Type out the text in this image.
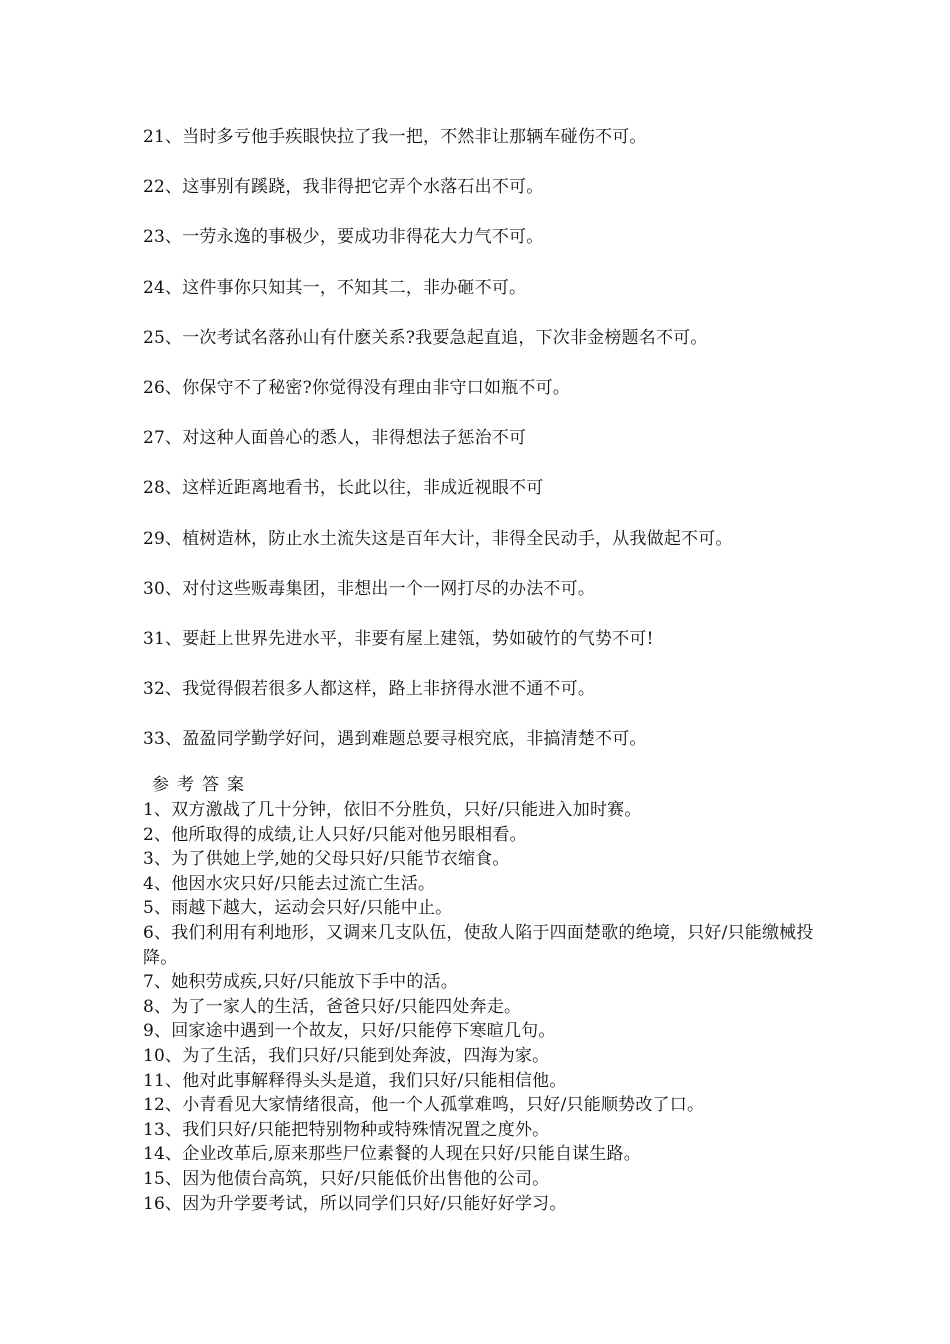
21、当时多亏他手疾眼快拉了我一把，不然非让那辆车碰伤不可。

22、这事别有蹊跷，我非得把它弄个水落石出不可。

23、一劳永逸的事极少，要成功非得花大力气不可。

24、这件事你只知其一，不知其二，非办砸不可。

25、一次考试名落孙山有什麽关系?我要急起直追，下次非金榜题名不可。

26、你保守不了秘密?你觉得没有理由非守口如瓶不可。

27、对这种人面兽心的悉人，非得想法子惩治不可

28、这样近距离地看书，长此以往，非成近视眼不可

29、植树造林，防止水土流失这是百年大计，非得全民动手，从我做起不可。

30、对付这些贩毒集团，非想出一个一网打尽的办法不可。

31、要赶上世界先进水平，非要有屋上建瓴，势如破竹的气势不可!

32、我觉得假若很多人都这样，路上非挤得水泄不通不可。

33、盈盈同学勤学好问，遇到难题总要寻根究底，非搞清楚不可。

参考答案

1、双方激战了几十分钟，依旧不分胜负，只好/只能进入加时赛。

2、他所取得的成绩,让人只好/只能对他另眼相看。

3、为了供她上学,她的父母只好/只能节衣缩食。

4、他因水灾只好/只能去过流亡生活。

5、雨越下越大，运动会只好/只能中止。

6、我们利用有利地形，又调来几支队伍，使敌人陷于四面楚歌的绝境，只好/只能缴械投降。

7、她积劳成疾,只好/只能放下手中的活。

8、为了一家人的生活，爸爸只好/只能四处奔走。

9、回家途中遇到一个故友，只好/只能停下寒暄几句。

10、为了生活，我们只好/只能到处奔波，四海为家。

11、他对此事解释得头头是道，我们只好/只能相信他。

12、小青看见大家情绪很高，他一个人孤掌难鸣，只好/只能顺势改了口。

13、我们只好/只能把特别物种或特殊情况置之度外。

14、企业改革后,原来那些尸位素餐的人现在只好/只能自谋生路。

15、因为他债台高筑，只好/只能低价出售他的公司。

16、因为升学要考试，所以同学们只好/只能好好学习。
